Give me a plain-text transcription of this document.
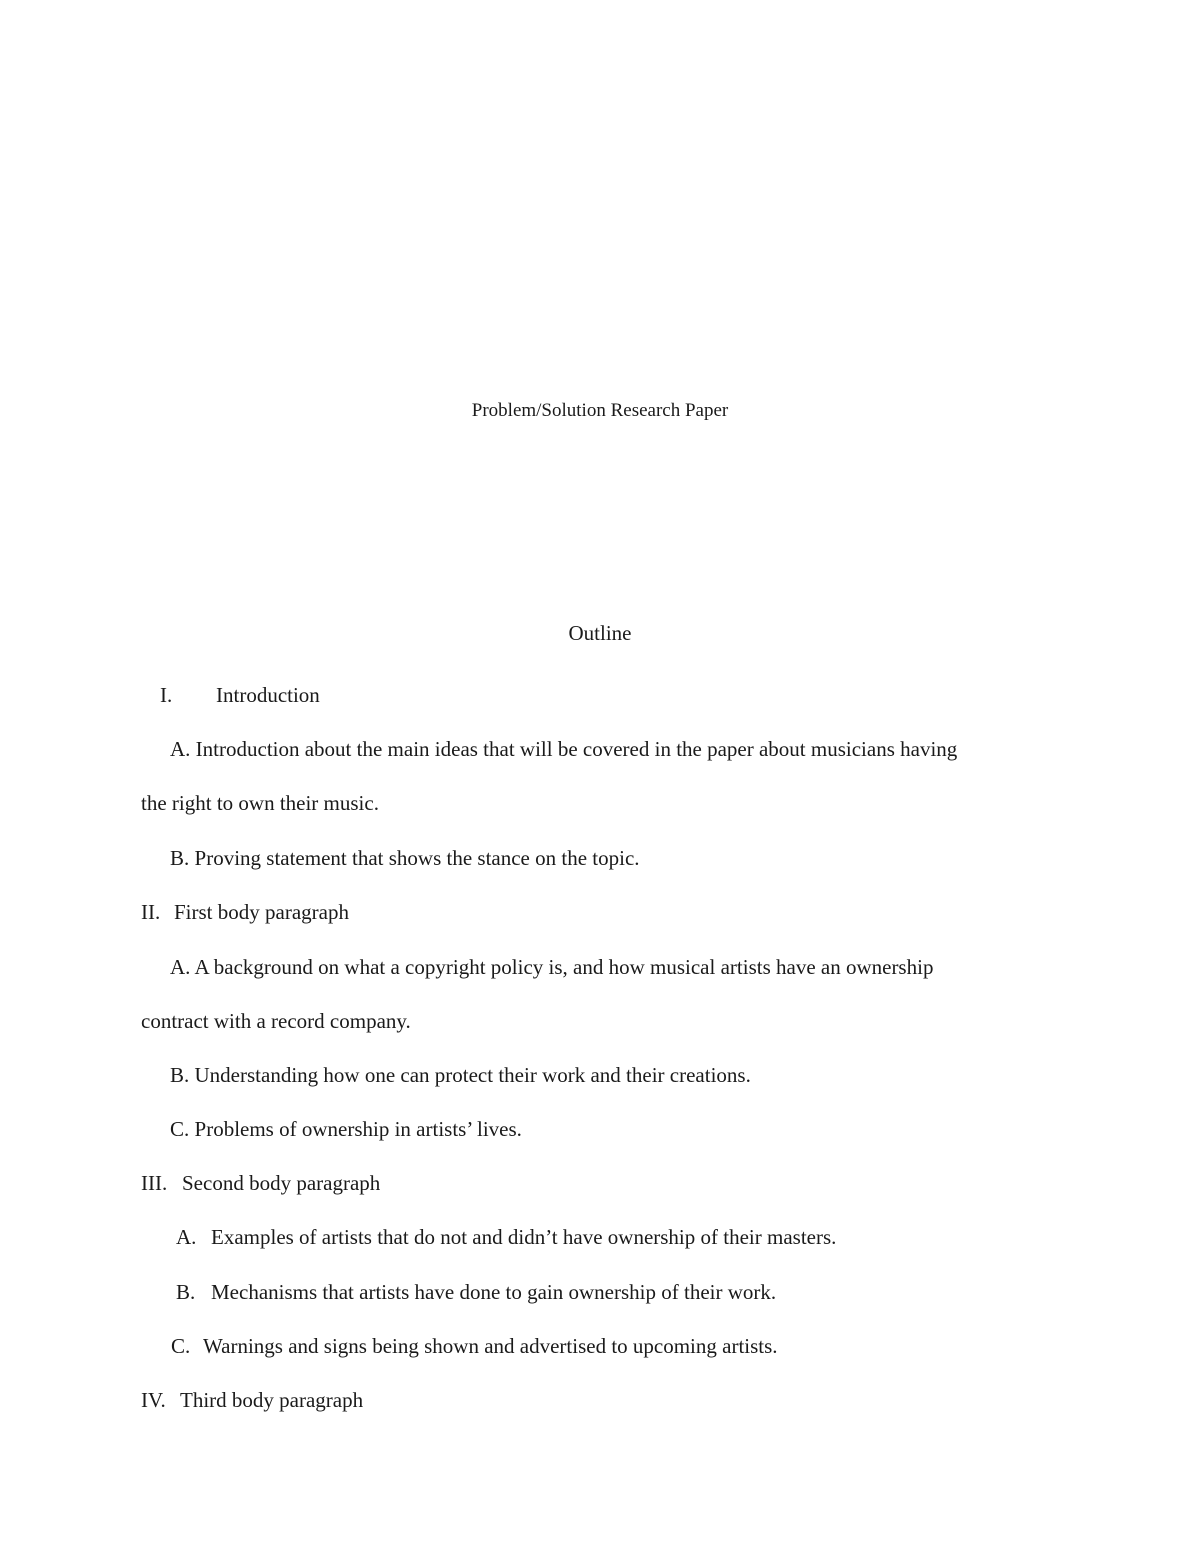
Problem/Solution Research Paper
Outline
I. Introduction
A. Introduction about the main ideas that will be covered in the paper about musicians having
the right to own their music.
B. Proving statement that shows the stance on the topic.
II. First body paragraph
A. A background on what a copyright policy is, and how musical artists have an ownership
contract with a record company.
B. Understanding how one can protect their work and their creations.
C. Problems of ownership in artists’ lives.
III. Second body paragraph
A. Examples of artists that do not and didn’t have ownership of their masters.
B. Mechanisms that artists have done to gain ownership of their work.
C. Warnings and signs being shown and advertised to upcoming artists.
IV. Third body paragraph
